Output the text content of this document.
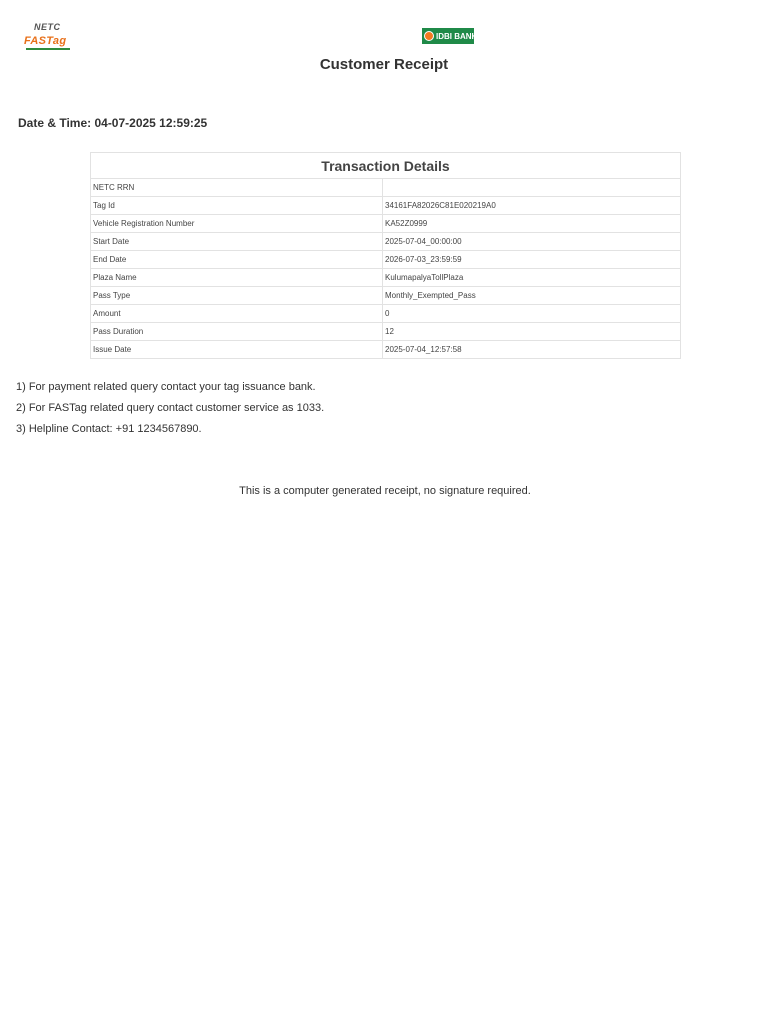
NETC
FASTag	IDBI BANK
Customer Receipt
Date & Time: 04-07-2025 12:59:25
Transaction Details	
NETC RRN	
Tag Id	34161FA82026C81E020219A0
Vehicle Registration Number	KA52Z0999
Start Date	2025-07-04_00:00:00
End Date	2026-07-03_23:59:59
Plaza Name	KulumapalyaTollPlaza
Pass Type	Monthly_Exempted_Pass
Amount	0
Pass Duration	12
Issue Date	2025-07-04_12:57:58
1) For payment related query contact your tag issuance bank.
2) For FASTag related query contact customer service as 1033.
3) Helpline Contact: +91 1234567890.
This is a computer generated receipt, no signature required.
